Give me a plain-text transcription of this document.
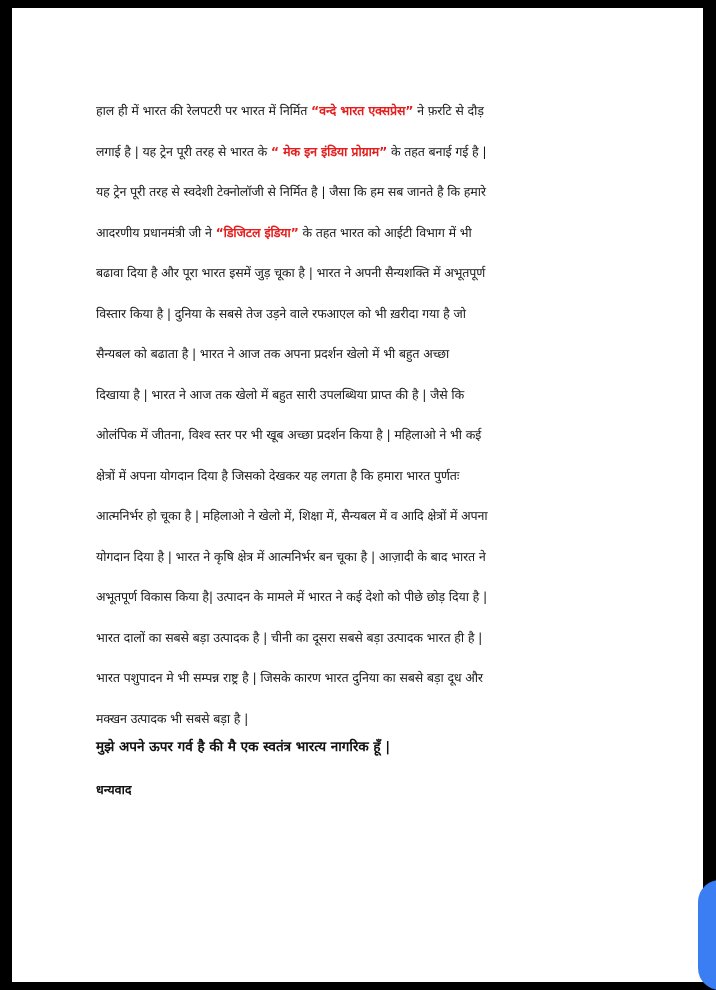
हाल ही में भारत की रेलपटरी पर भारत में निर्मित “वन्दे भारत एक्सप्रेस” ने फ़रटि से दौड़
लगाई है | यह ट्रेन पूरी तरह से भारत के “ मेक इन इंडिया प्रोग्राम” के तहत बनाई गई है |
यह ट्रेन पूरी तरह से स्वदेशी टेक्नोलॉजी से निर्मित है | जैसा कि हम सब जानते है कि हमारे
आदरणीय प्रधानमंत्री जी ने “डिजिटल इंडिया” के तहत भारत को आईटी विभाग में भी
बढावा दिया है और पूरा भारत इसमें जुड़ चूका है | भारत ने अपनी सैन्यशक्ति में अभूतपूर्ण
विस्तार किया है | दुनिया के सबसे तेज उड़ने वाले रफआएल को भी ख़रीदा गया है जो
सैन्यबल को बढाता है | भारत ने आज तक अपना प्रदर्शन खेलो में भी बहुत अच्छा
दिखाया है | भारत ने आज तक खेलो में बहुत सारी उपलब्धिया प्राप्त की है | जैसे कि
ओलंपिक में जीतना, विश्व स्तर पर भी खूब अच्छा प्रदर्शन किया है | महिलाओ ने भी कई
क्षेत्रों में अपना योगदान दिया है जिसको देखकर यह लगता है कि हमारा भारत पुर्णतः
आत्मनिर्भर हो चूका है | महिलाओ ने खेलो में, शिक्षा में, सैन्यबल में व आदि क्षेत्रों में अपना
योगदान दिया है | भारत ने कृषि क्षेत्र में आत्मनिर्भर बन चूका है | आज़ादी के बाद भारत ने
अभूतपूर्ण विकास किया है| उत्पादन के मामले में भारत ने कई देशो को पीछे छोड़ दिया है |
भारत दालों का सबसे बड़ा उत्पादक है | चीनी का दूसरा सबसे बड़ा उत्पादक भारत ही है |
भारत पशुपादन मे भी सम्पन्न राष्ट्र है | जिसके कारण भारत दुनिया का सबसे बड़ा दूध और
मक्खन उत्पादक भी सबसे बड़ा है |

मुझे अपने ऊपर गर्व है की मै एक स्वतंत्र भारत्य नागरिक हूँ |

धन्यवाद
